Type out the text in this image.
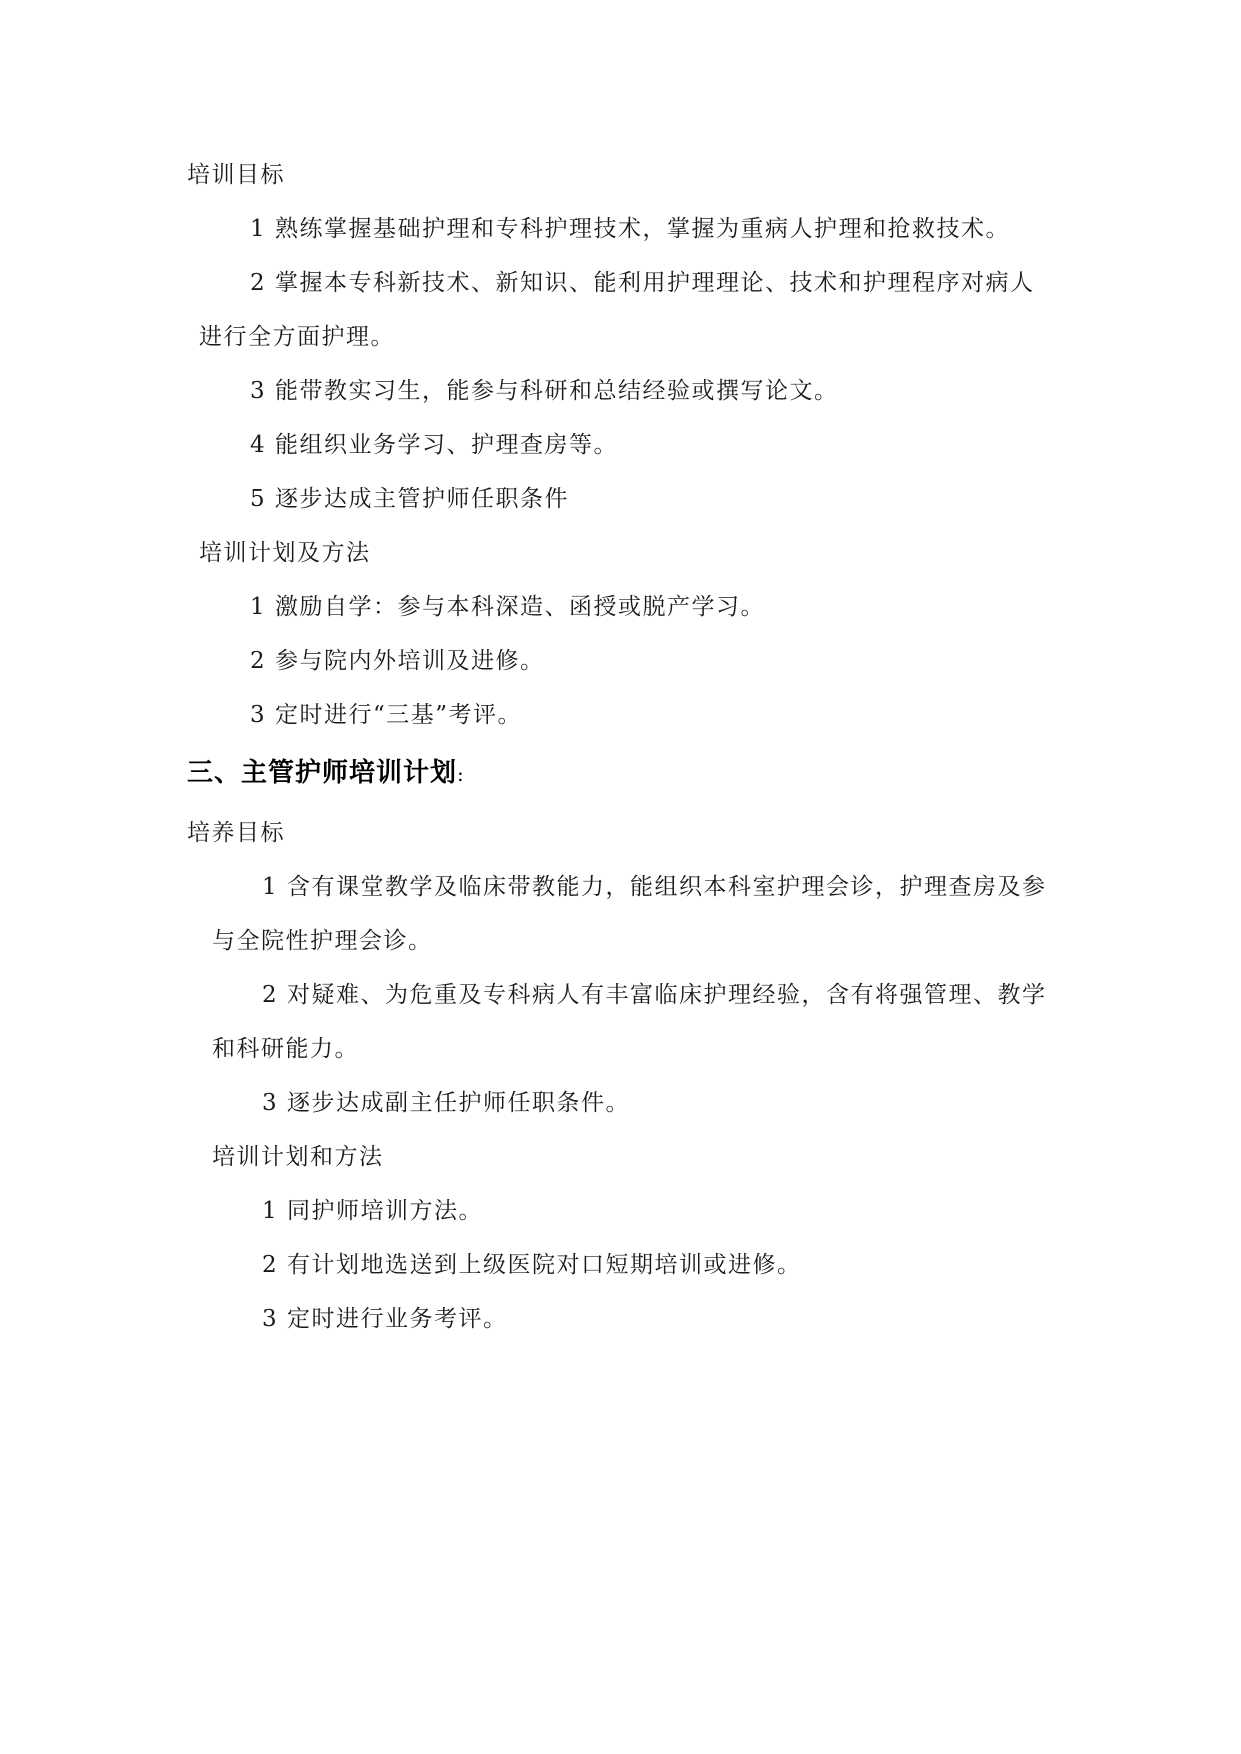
培训目标
1 熟练掌握基础护理和专科护理技术，掌握为重病人护理和抢救技术。
2 掌握本专科新技术、新知识、能利用护理理论、技术和护理程序对病人
进行全方面护理。
3 能带教实习生，能参与科研和总结经验或撰写论文。
4 能组织业务学习、护理查房等。
5 逐步达成主管护师任职条件
培训计划及方法
1 激励自学：参与本科深造、函授或脱产学习。
2 参与院内外培训及进修。
3 定时进行“三基”考评。
三、主管护师培训计划:
培养目标
1 含有课堂教学及临床带教能力，能组织本科室护理会诊，护理查房及参
与全院性护理会诊。
2 对疑难、为危重及专科病人有丰富临床护理经验，含有将强管理、教学
和科研能力。
3 逐步达成副主任护师任职条件。
培训计划和方法
1 同护师培训方法。
2 有计划地选送到上级医院对口短期培训或进修。
3 定时进行业务考评。
